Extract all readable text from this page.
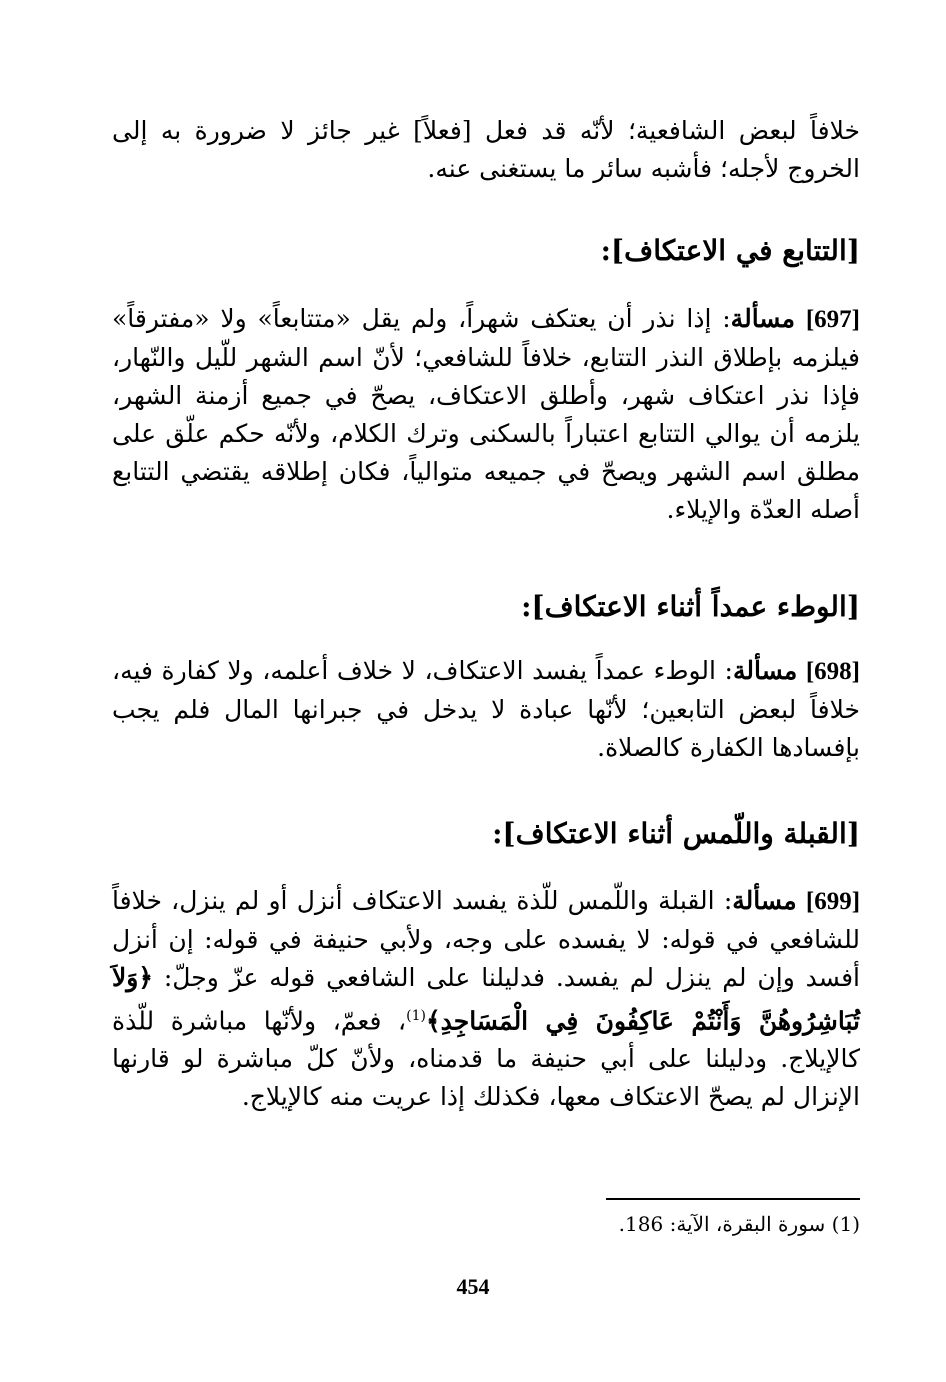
خلافاً لبعض الشافعية؛ لأنّه قد فعل [فعلاً] غير جائز لا ضرورة به إلى الخروج لأجله؛ فأشبه سائر ما يستغنى عنه.

[التتابع في الاعتكاف]:

[697] مسألة: إذا نذر أن يعتكف شهراً، ولم يقل «متتابعاً» ولا «مفترقاً» فيلزمه بإطلاق النذر التتابع، خلافاً للشافعي؛ لأنّ اسم الشهر للّيل والنّهار، فإذا نذر اعتكاف شهر، وأطلق الاعتكاف، يصحّ في جميع أزمنة الشهر، يلزمه أن يوالي التتابع اعتباراً بالسكنى وترك الكلام، ولأنّه حكم علّق على مطلق اسم الشهر ويصحّ في جميعه متوالياً، فكان إطلاقه يقتضي التتابع أصله العدّة والإيلاء.

[الوطء عمداً أثناء الاعتكاف]:

[698] مسألة: الوطء عمداً يفسد الاعتكاف، لا خلاف أعلمه، ولا كفارة فيه، خلافاً لبعض التابعين؛ لأنّها عبادة لا يدخل في جبرانها المال فلم يجب بإفسادها الكفارة كالصلاة.

[القبلة واللّمس أثناء الاعتكاف]:

[699] مسألة: القبلة واللّمس للّذة يفسد الاعتكاف أنزل أو لم ينزل، خلافاً للشافعي في قوله: لا يفسده على وجه، ولأبي حنيفة في قوله: إن أنزل أفسد وإن لم ينزل لم يفسد. فدليلنا على الشافعي قوله عزّ وجلّ: ﴿وَلاَ تُبَاشِرُوهُنَّ وَأَنْتُمْ عَاكِفُونَ فِي الْمَسَاجِدِ﴾$^{(1)}$، فعمّ، ولأنّها مباشرة للّذة كالإيلاج. ودليلنا على أبي حنيفة ما قدمناه، ولأنّ كلّ مباشرة لو قارنها الإنزال لم يصحّ الاعتكاف معها، فكذلك إذا عريت منه كالإيلاج.

(1) سورة البقرة، الآية: 186.
454
